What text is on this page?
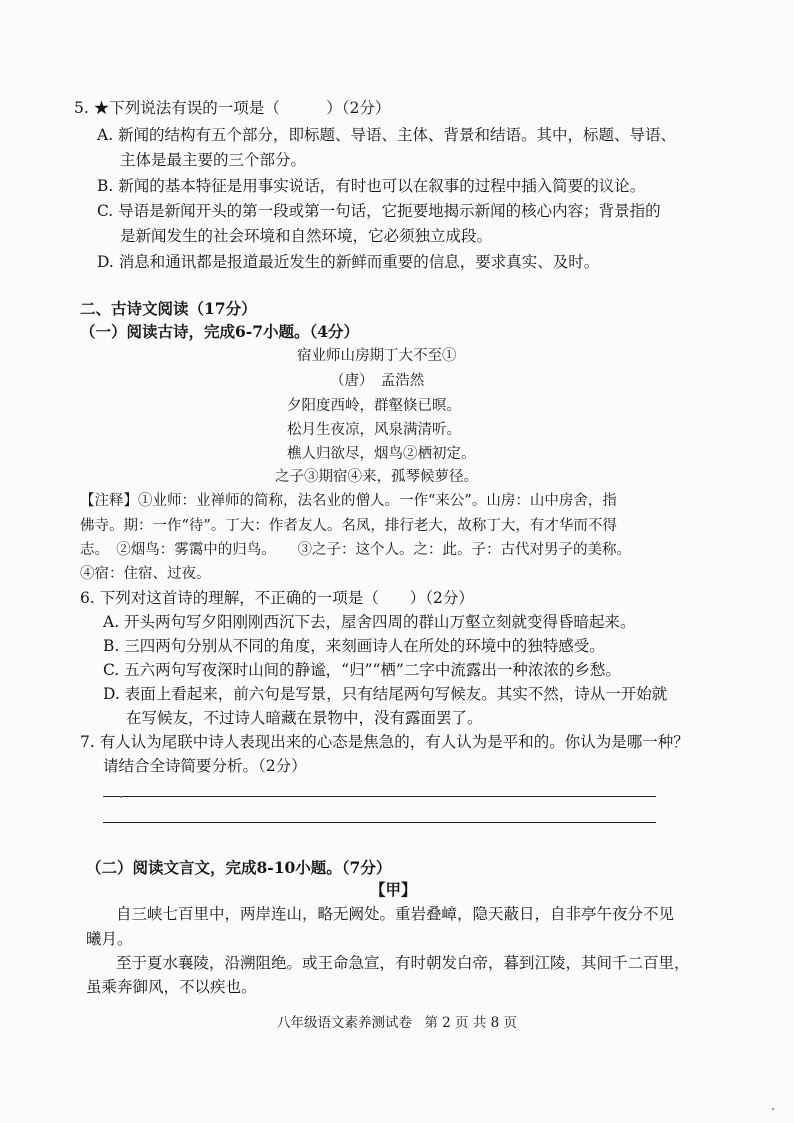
5. ★下列说法有误的一项是（　　　）（2分）
A. 新闻的结构有五个部分，即标题、导语、主体、背景和结语。其中，标题、导语、
主体是最主要的三个部分。
B. 新闻的基本特征是用事实说话，有时也可以在叙事的过程中插入简要的议论。
C. 导语是新闻开头的第一段或第一句话，它扼要地揭示新闻的核心内容；背景指的
是新闻发生的社会环境和自然环境，它必须独立成段。
D. 消息和通讯都是报道最近发生的新鲜而重要的信息，要求真实、及时。
二、古诗文阅读（17分）
（一）阅读古诗，完成6-7小题。（4分）
宿业师山房期丁大不至①
（唐）　孟浩然
夕阳度西岭，群壑倏已暝。
松月生夜凉，风泉满清听。
樵人归欲尽，烟鸟②栖初定。
之子③期宿④来，孤琴候萝径。
【注释】①业师：业禅师的简称，法名业的僧人。一作“来公”。山房：山中房舍，指
佛寺。期：一作“待”。丁大：作者友人。名凤，排行老大，故称丁大，有才华而不得
志。　②烟鸟：雾霭中的归鸟。　　③之子：这个人。之：此。子：古代对男子的美称。
④宿：住宿、过夜。
6. 下列对这首诗的理解，不正确的一项是（　　）（2分）
A. 开头两句写夕阳刚刚西沉下去，屋舍四周的群山万壑立刻就变得昏暗起来。
B. 三四两句分别从不同的角度，来刻画诗人在所处的环境中的独特感受。
C. 五六两句写夜深时山间的静谧，“归”“栖”二字中流露出一种浓浓的乡愁。
D. 表面上看起来，前六句是写景，只有结尾两句写候友。其实不然，诗从一开始就
在写候友，不过诗人暗藏在景物中，没有露面罢了。
7. 有人认为尾联中诗人表现出来的心态是焦急的，有人认为是平和的。你认为是哪一种？
请结合全诗简要分析。（2分）
（二）阅读文言文，完成8-10小题。（7分）
【甲】
自三峡七百里中，两岸连山，略无阙处。重岩叠嶂，隐天蔽日，自非亭午夜分不见
曦月。
至于夏水襄陵，沿溯阻绝。或王命急宣，有时朝发白帝，暮到江陵，其间千二百里，
虽乘奔御风，不以疾也。
八年级语文素养测试卷 第 2 页 共 8 页
